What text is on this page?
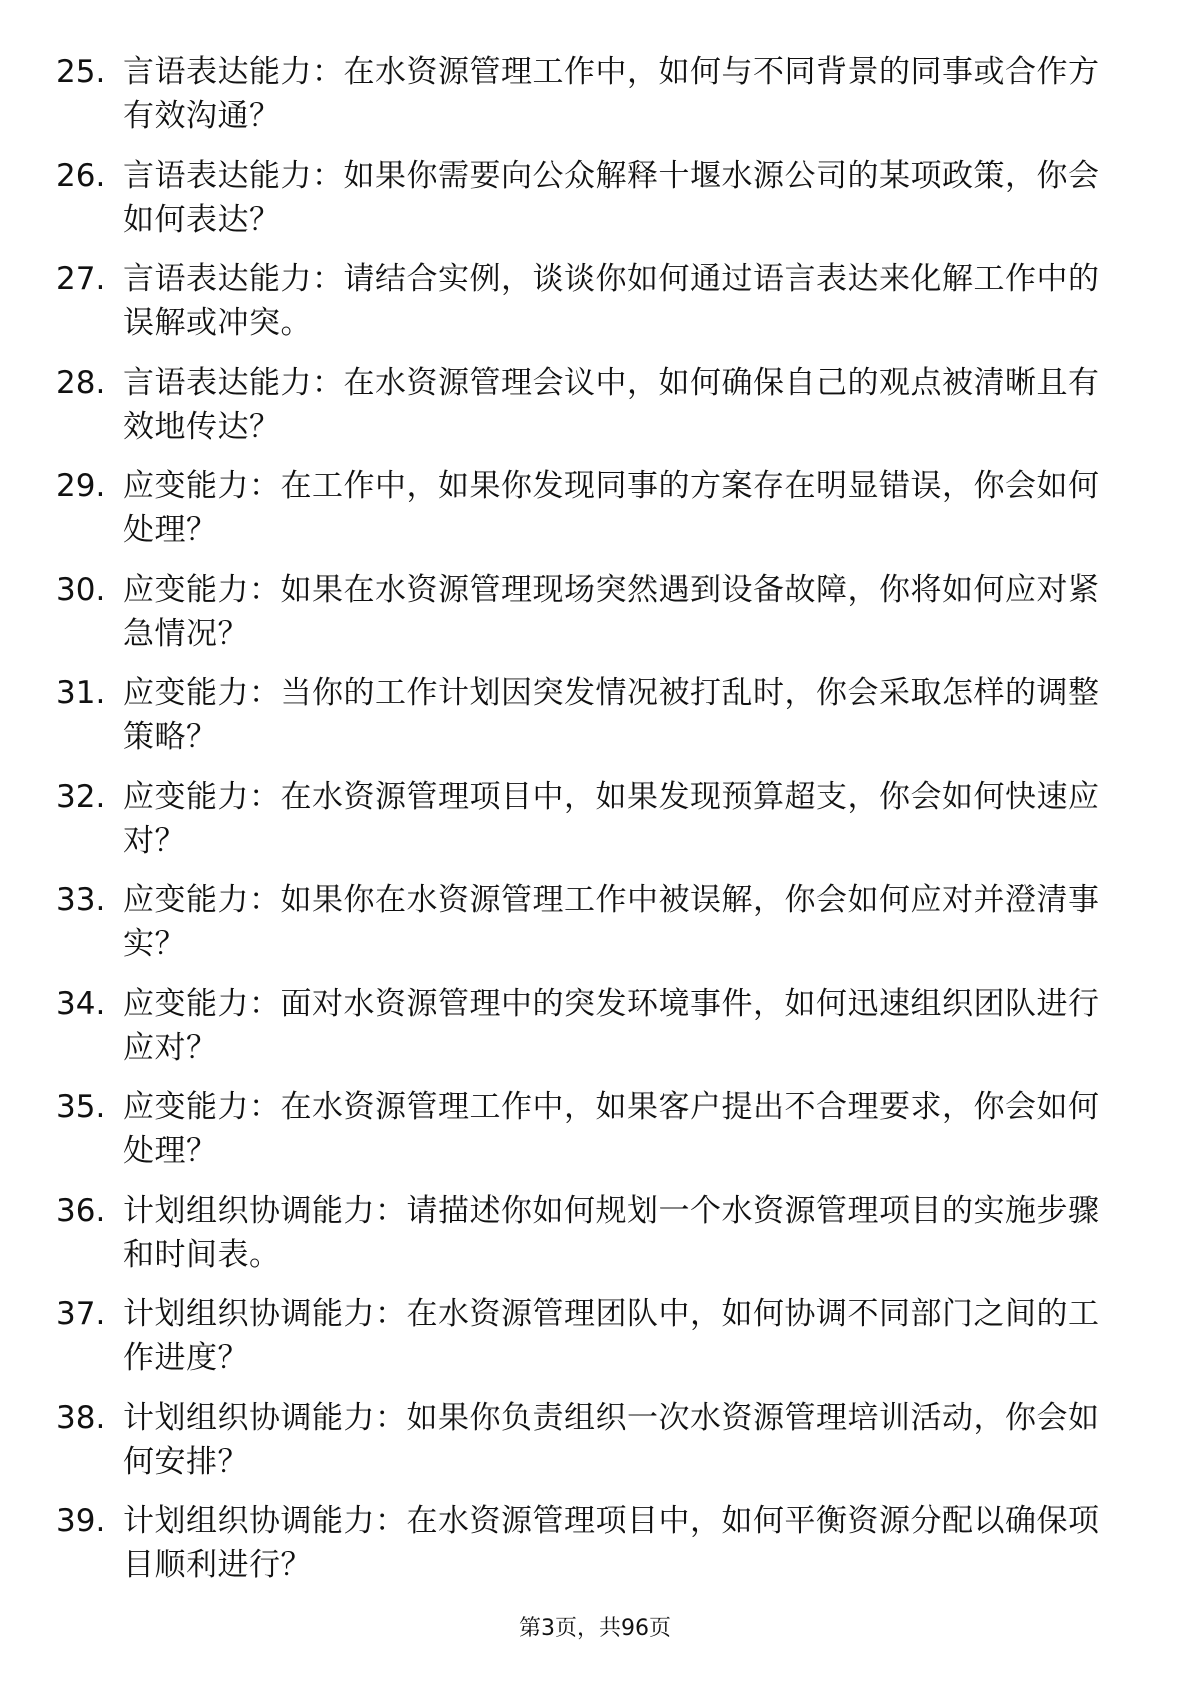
25. 言语表达能力：在水资源管理工作中，如何与不同背景的同事或合作方有效沟通？
26. 言语表达能力：如果你需要向公众解释十堰水源公司的某项政策，你会如何表达？
27. 言语表达能力：请结合实例，谈谈你如何通过语言表达来化解工作中的误解或冲突。
28. 言语表达能力：在水资源管理会议中，如何确保自己的观点被清晰且有效地传达？
29. 应变能力：在工作中，如果你发现同事的方案存在明显错误，你会如何处理？
30. 应变能力：如果在水资源管理现场突然遇到设备故障，你将如何应对紧急情况？
31. 应变能力：当你的工作计划因突发情况被打乱时，你会采取怎样的调整策略？
32. 应变能力：在水资源管理项目中，如果发现预算超支，你会如何快速应对？
33. 应变能力：如果你在水资源管理工作中被误解，你会如何应对并澄清事实？
34. 应变能力：面对水资源管理中的突发环境事件，如何迅速组织团队进行应对？
35. 应变能力：在水资源管理工作中，如果客户提出不合理要求，你会如何处理？
36. 计划组织协调能力：请描述你如何规划一个水资源管理项目的实施步骤和时间表。
37. 计划组织协调能力：在水资源管理团队中，如何协调不同部门之间的工作进度？
38. 计划组织协调能力：如果你负责组织一次水资源管理培训活动，你会如何安排？
39. 计划组织协调能力：在水资源管理项目中，如何平衡资源分配以确保项目顺利进行？
第3页，共96页
